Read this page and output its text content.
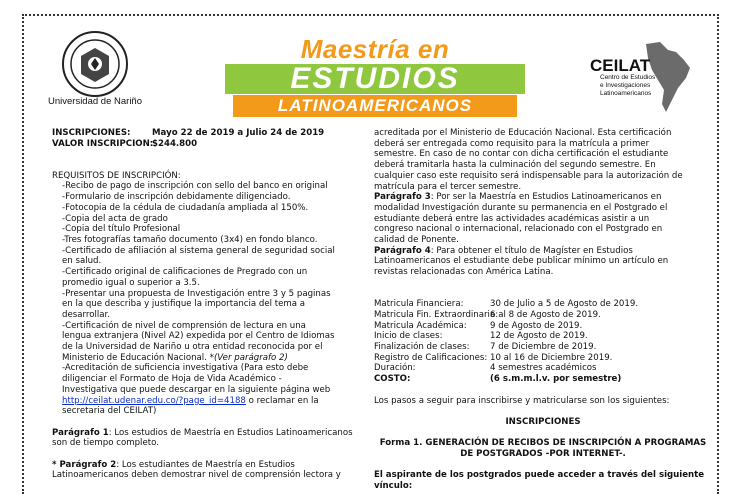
Universidad de Nariño
Maestría en
ESTUDIOS
LATINOAMERICANOS
CEILAT
Centro de Estudios
e Investigaciones
Latinoamericanos
INSCRIPCIONES:	Mayo 22 de 2019 a Julio 24 de 2019
VALOR INSCRIPCION:$244.800
REQUISITOS DE INSCRIPCIÓN:
-Recibo de pago de inscripción con sello del banco en original
-Formulario de inscripción debidamente diligenciado.
-Fotocopia de la cédula de ciudadanía ampliada al 150%.
-Copia del acta de grado
-Copia del título Profesional
-Tres fotografías tamaño documento (3x4) en fondo blanco.
-Certificado de afiliación al sistema general de seguridad social
en salud.
-Certificado original de calificaciones de Pregrado con un
promedio igual o superior a 3.5.
-Presentar una propuesta de Investigación entre 3 y 5 paginas
en la que describa y justifique la importancia del tema a
desarrollar.
-Certificación de nivel de comprensión de lectura en una
lengua extranjera (Nivel A2) expedida por el Centro de Idiomas
de la Universidad de Nariño u otra entidad reconocida por el
Ministerio de Educación Nacional. *(Ver parágrafo 2)
-Acreditación de suficiencia investigativa (Para esto debe
diligenciar el Formato de Hoja de Vida Académico -
Investigativa que puede descargar en la siguiente página web
http://ceilat.udenar.edu.co/?page_id=4188 o reclamar en la
secretaria del CEILAT)
Parágrafo 1: Los estudios de Maestría en Estudios Latinoamericanos
son de tiempo completo.
* Parágrafo 2: Los estudiantes de Maestría en Estudios
Latinoamericanos deben demostrar nivel de comprensión lectora y
acreditada por el Ministerio de Educación Nacional. Esta certificación
deberá ser entregada como requisito para la matrícula a primer
semestre. En caso de no contar con dicha certificación el estudiante
deberá tramitarla hasta la culminación del segundo semestre. En
cualquier caso este requisito será indispensable para la autorización de
matrícula para el tercer semestre.
Parágrafo 3: Por ser la Maestría en Estudios Latinoamericanos en
modalidad Investigación durante su permanencia en el Postgrado el
estudiante deberá entre las actividades académicas asistir a un
congreso nacional o internacional, relacionado con el Postgrado en
calidad de Ponente.
Parágrafo 4: Para obtener el título de Magíster en Estudios
Latinoamericanos el estudiante debe publicar mínimo un artículo en
revistas relacionadas con América Latina.
Matricula Financiera:	30 de Julio a 5 de Agosto de 2019.
Matricula Fin. Extraordinaria:
6 al 8 de Agosto de 2019.
Matricula Académica:	9 de Agosto de 2019.
Inicio de clases:	12 de Agosto de 2019.
Finalización de clases:	7 de Diciembre de 2019.
Registro de Calificaciones: 10 al 16 de Diciembre 2019.
Duración:	4 semestres académicos
COSTO:	(6 s.m.m.l.v. por semestre)
Los pasos a seguir para inscribirse y matricularse son los siguientes:
INSCRIPCIONES
Forma 1. GENERACIÓN DE RECIBOS DE INSCRIPCIÓN A PROGRAMAS
DE POSTGRADOS -POR INTERNET-.
El aspirante de los postgrados puede acceder a través del siguiente
vínculo:
